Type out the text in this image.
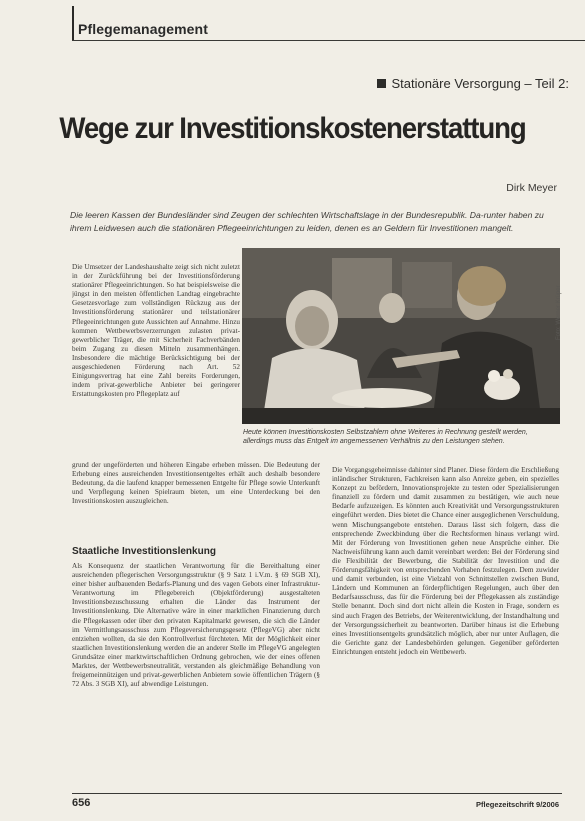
Pflegemanagement
Stationäre Versorgung – Teil 2:
Wege zur Investitionskostenerstattung
Dirk Meyer
Die leeren Kassen der Bundesländer sind Zeugen der schlechten Wirtschaftslage in der Bundesrepublik. Da-runter haben zu ihrem Leidwesen auch die stationären Pflegeeinrichtungen zu leiden, denen es an Geldern für Investitionen mangelt.

Die Umsetzer der Landeshaushalte zeigt sich nicht zuletzt in der Zurückführung bei der Investitionsförderung stationärer Pflegeeinrichtungen. So hat beispielsweise die jüngst in den meisten öffentlichen Landtag eingebrachte Gesetzesvorlage zum vollständigen Rückzug aus der Investitionsförderung stationärer und teilstationärer Pflegeeinrichtungen gute Aussichten auf Annahme. Hinzu kommen Wettbewerbsverzerrungen zulasten privat-gewerblicher Träger, die mit Sicherheit Fachverbänden beim Zugang zu diesen Mitteln zusammenhängen. Insbesondere die mächtige Berücksichtigung bei der ausgeschiedenen Förderung nach Art. 52 Einigungsvertrag hat eine Zahl bereits Forderungen, indem privat-gewerbliche Anbieter bei geringerer Erstattungskosten pro Pflegeplatz auf

Foto: Werner Krüper
Heute können Investitionskosten Selbstzahlern ohne Weiteres in Rechnung gestellt werden, allerdings muss das Entgelt im angemessenen Verhältnis zu den Leistungen stehen.

grund der ungeförderten und höheren Eingabe erheben müssen. Die Bedeutung der Erhebung eines ausreichenden Investitionsentgeltes erhält auch deshalb besondere Bedeutung, da die laufend knapper bemessenen Entgelte für Pflege sowie Unterkunft und Verpflegung keinen Spielraum bieten, um eine Unterdeckung bei den Investitionskosten auszugleichen.

Staatliche Investitionslenkung

Als Konsequenz der staatlichen Verantwortung für die Bereithaltung einer ausreichenden pflegerischen Versorgungsstruktur (§ 9 Satz 1 i.V.m. § 69 SGB XI), einer bisher aufbauenden Bedarfs-Planung und des vagen Gebots einer Infrastruktur-Verantwortung im Pflegebereich (Objektförderung) ausgestalteten Investitionsbezuschussung erhalten die Länder das Instrument der Investitionslenkung. Die Alternative wäre in einer marktlichen Finanzierung durch die Pflegekassen oder über den privaten Kapitalmarkt gewesen, die sich die Länder im Vermittlungsausschuss zum Pflegeversicherungsgesetz (PflegeVG) aber nicht entziehen wollten, da sie den Kontrollverlust fürchteten. Mit der Möglichkeit einer staatlichen Investitionslenkung werden die an anderer Stelle im PflegeVG angelegten Grundsätze einer marktwirtschaftlichen Ordnung gebrochen, wie der eines offenen Marktes, der Wettbewerbsneutralität, verstanden als gleichmäßige Behandlung von freigemeinnützigen und privat-gewerblichen Anbietern sowie öffentlichen Trägern (§ 72 Abs. 3 SGB XI), auf abwendige Leistungen.

Die Vorgangsgeheimnisse dahinter sind Planer. Diese fördern die Erschließung inländischer Strukturen, Fachkreisen kann also Anreize geben, ein spezielles Konzept zu befördern, Innovationsprojekte zu testen oder Spezialisierungen finanziell zu fördern und damit zusammen zu bestätigen, wie auch neue Bedarfe aufzuzeigen. Es könnten auch Kreativität und Versorgungsstrukturen eingeführt werden. Dies bietet die Chance einer ausgeglichenen Verschuldung, wenn Mischungsangebote entstehen. Daraus lässt sich folgern, dass die entsprechende Zweckbindung über die Rechtsformen hinaus verlangt wird. Mit der Förderung von Investitionen gehen neue Ansprüche einher. Die Nachweisführung kann auch damit vereinbart werden: Bei der Förderung sind die Flexibilität der Bewerbung, die Stabilität der Investition und die Förderungsfähigkeit von entsprechenden Vorhaben festzulegen. Dem zuwider und damit verbunden, ist eine Vielzahl von Schnittstellen zwischen Bund, Ländern und Kommunen an förderpflichtigen Regelungen, auch über den Bedarfsausschuss, das für die Förderung bei der Pflegekassen als zuständige Stelle benannt. Doch sind dort nicht allein die Kosten in Frage, sondern es sind auch Fragen des Betriebs, der Weiterentwicklung, der Instandhaltung und der Versorgungssicherheit zu beantworten. Darüber hinaus ist die Erhebung eines Investitionsentgelts grundsätzlich möglich, aber nur unter Auflagen, die die Gerichte ganz der Landesbehörden gelungen. Gegenüber geförderten Einrichtungen entsteht jedoch ein Wettbewerb.

656	Pflegezeitschrift 9/2006
